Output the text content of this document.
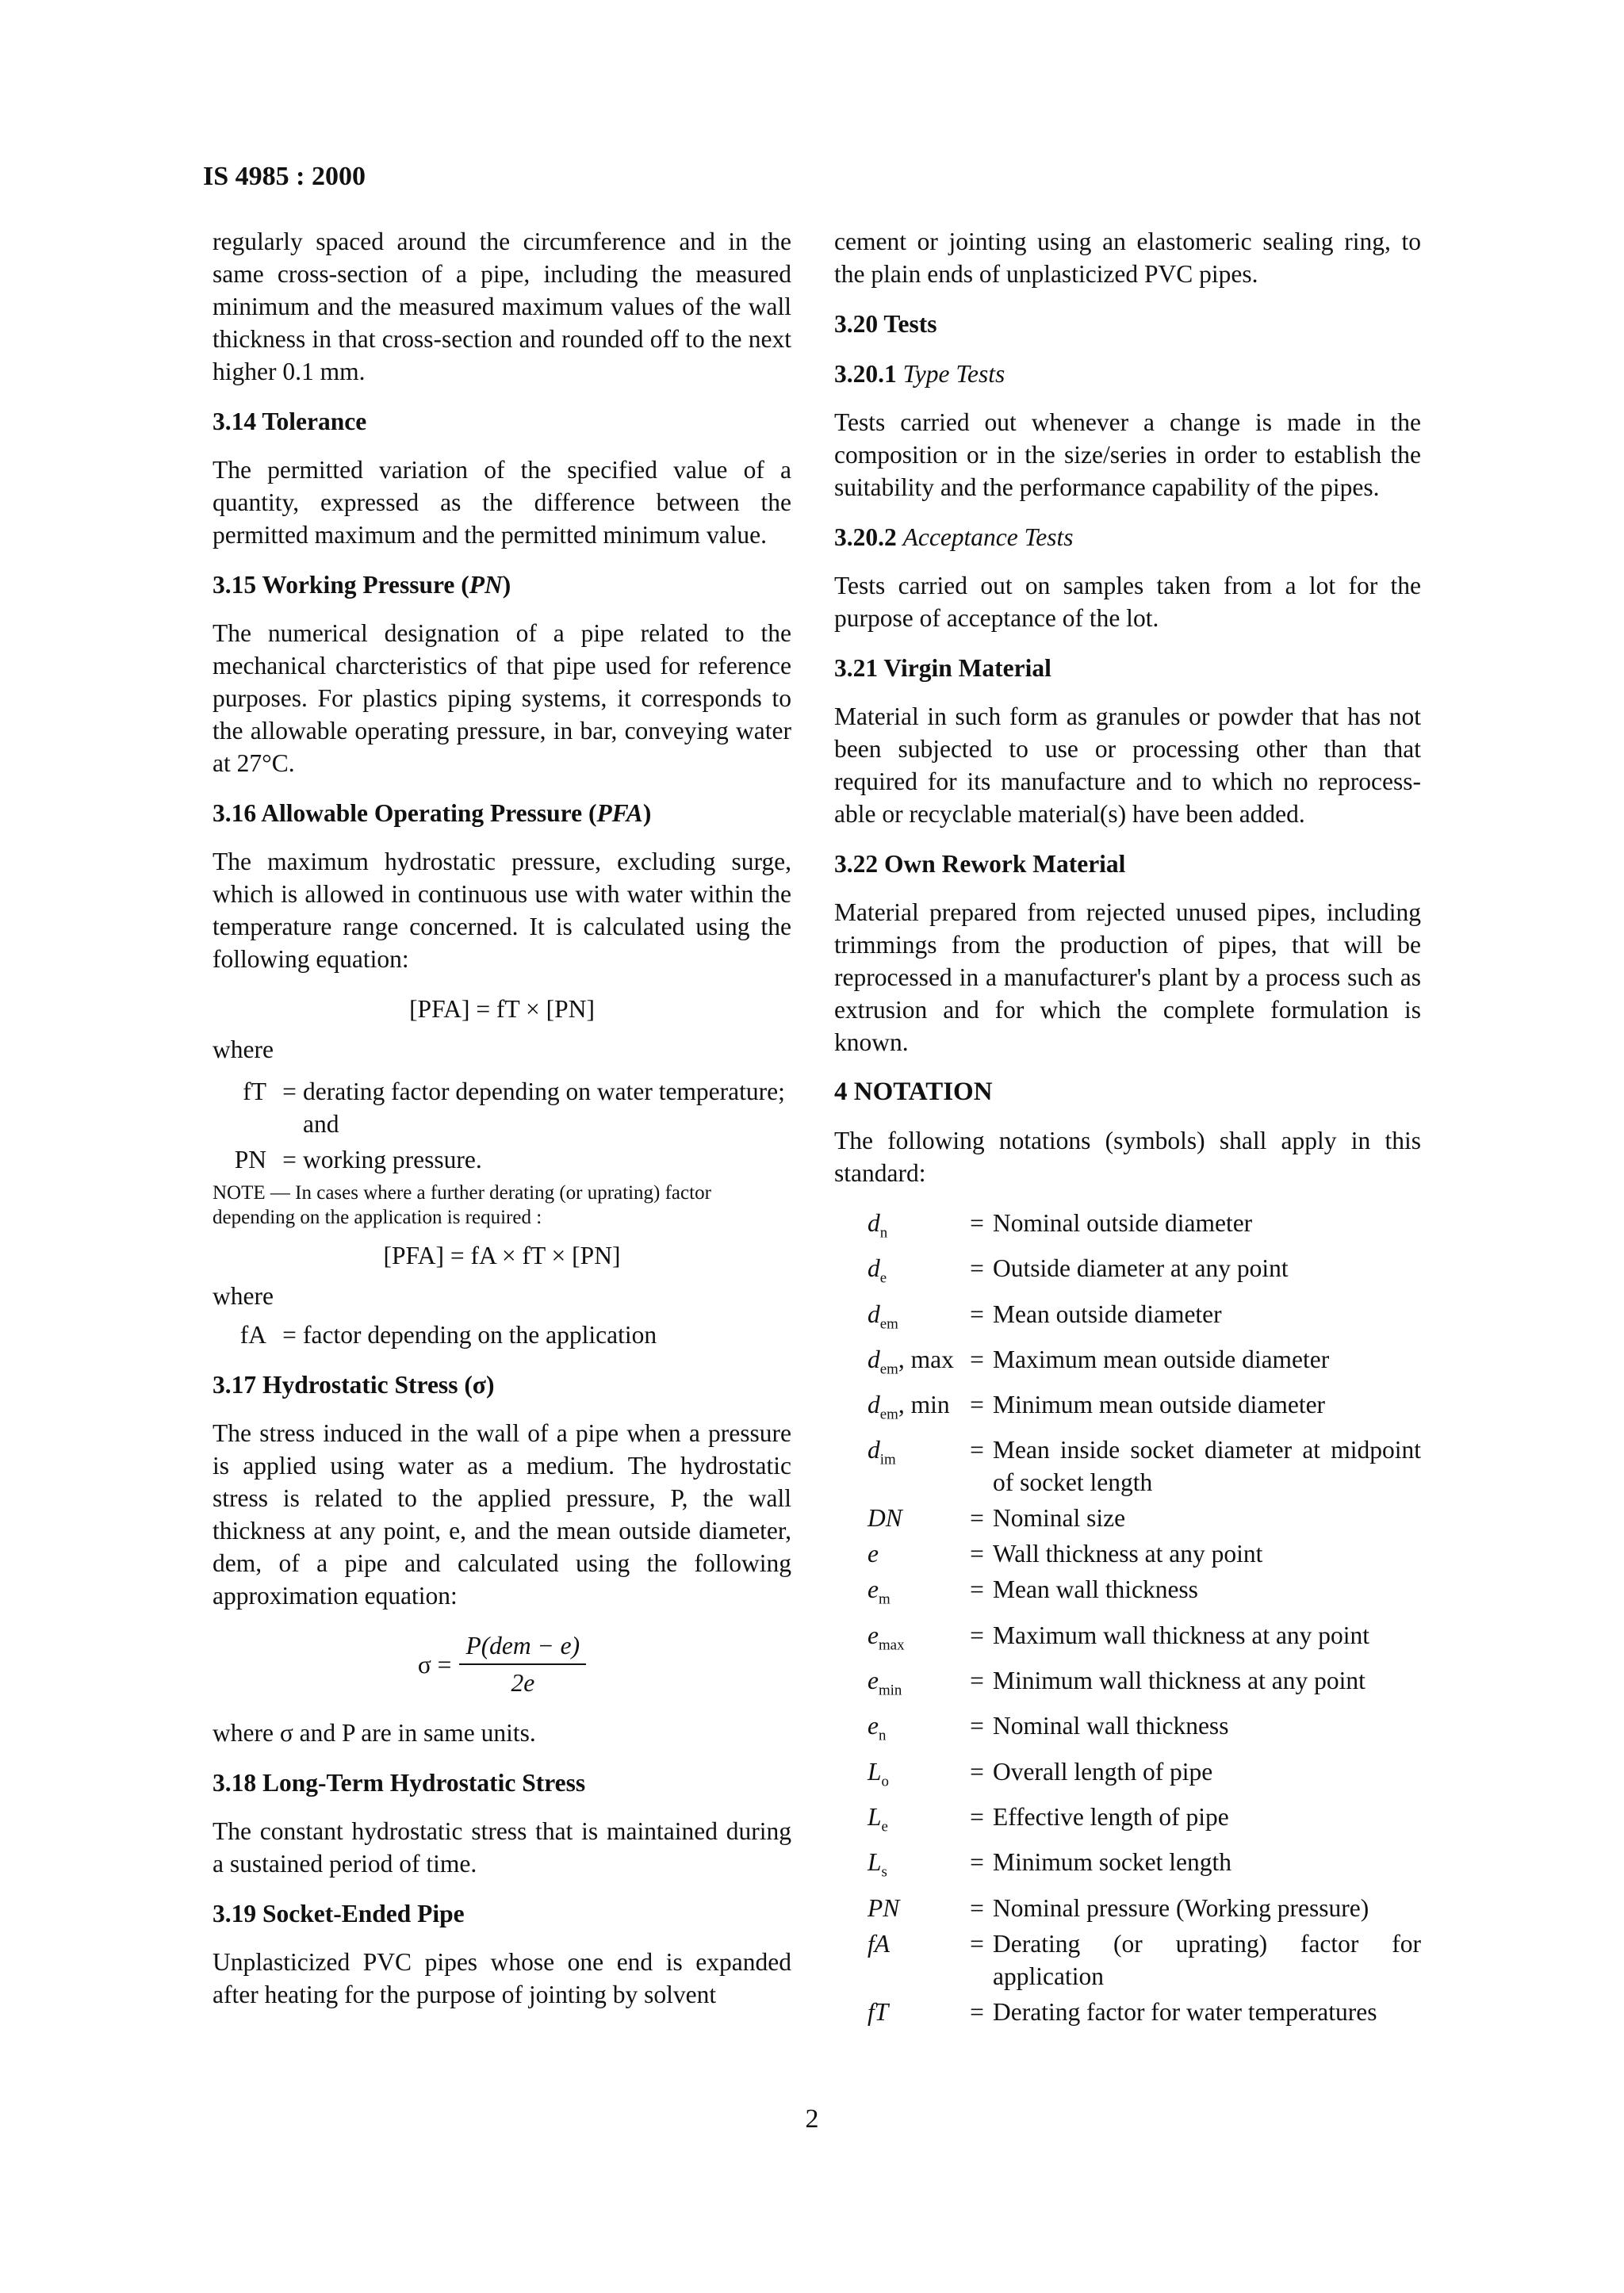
IS 4985 : 2000

regularly spaced around the circumference and in the same cross-section of a pipe, including the measured minimum and the measured maximum values of the wall thickness in that cross-section and rounded off to the next higher 0.1 mm.

3.14 Tolerance

The permitted variation of the specified value of a quantity, expressed as the difference between the permitted maximum and the permitted minimum value.

3.15 Working Pressure (PN)

The numerical designation of a pipe related to the mechanical charcteristics of that pipe used for reference purposes. For plastics piping systems, it corresponds to the allowable operating pressure, in bar, conveying water at 27°C.

3.16 Allowable Operating Pressure (PFA)

The maximum hydrostatic pressure, excluding surge, which is allowed in continuous use with water within the temperature range concerned. It is calculated using the following equation:

[PFA] = fT × [PN]
where
fT = derating factor depending on water temperature; and
PN = working pressure.
NOTE — In cases where a further derating (or uprating) factor depending on the application is required :
[PFA] = fA × fT × [PN]
where
fA = factor depending on the application
3.17 Hydrostatic Stress (σ)

The stress induced in the wall of a pipe when a pressure is applied using water as a medium. The hydrostatic stress is related to the applied pressure, P, the wall thickness at any point, e, and the mean outside diameter, dem, of a pipe and calculated using the following approximation equation:

$\sigma = \frac{\text{P(dem − e)}}{2e}$

where σ and P are in same units.

3.18 Long-Term Hydrostatic Stress

The constant hydrostatic stress that is maintained during a sustained period of time.

3.19 Socket-Ended Pipe

Unplasticized PVC pipes whose one end is expanded after heating for the purpose of jointing by solvent

cement or jointing using an elastomeric sealing ring, to the plain ends of unplasticized PVC pipes.

3.20 Tests
3.20.1 Type Tests

Tests carried out whenever a change is made in the composition or in the size/series in order to establish the suitability and the performance capability of the pipes.

3.20.2 Acceptance Tests

Tests carried out on samples taken from a lot for the purpose of acceptance of the lot.

3.21 Virgin Material

Material in such form as granules or powder that has not been subjected to use or processing other than that required for its manufacture and to which no reprocess-able or recyclable material(s) have been added.

3.22 Own Rework Material

Material prepared from rejected unused pipes, including trimmings from the production of pipes, that will be reprocessed in a manufacturer's plant by a process such as extrusion and for which the complete formulation is known.

4 NOTATION

The following notations (symbols) shall apply in this standard:

$d_n$	= Nominal outside diameter
$d_e$	= Outside diameter at any point
$d_{em}$	= Mean outside diameter
$d_{em}$, max = Maximum mean outside diameter
$d_{em}$, min = Minimum mean outside diameter
$d_{im}$	= Mean inside socket diameter at midpoint of socket length
DN	= Nominal size
e	= Wall thickness at any point
$e_m$	= Mean wall thickness
$e_{max}$	= Maximum wall thickness at any point
$e_{min}$	= Minimum wall thickness at any point
$e_n$	= Nominal wall thickness
$L_o$	= Overall length of pipe
$L_e$	= Effective length of pipe
$L_s$	= Minimum socket length
PN	= Nominal pressure (Working pressure)
fA	= Derating (or uprating) factor for application
fT	= Derating factor for water temperatures
2
